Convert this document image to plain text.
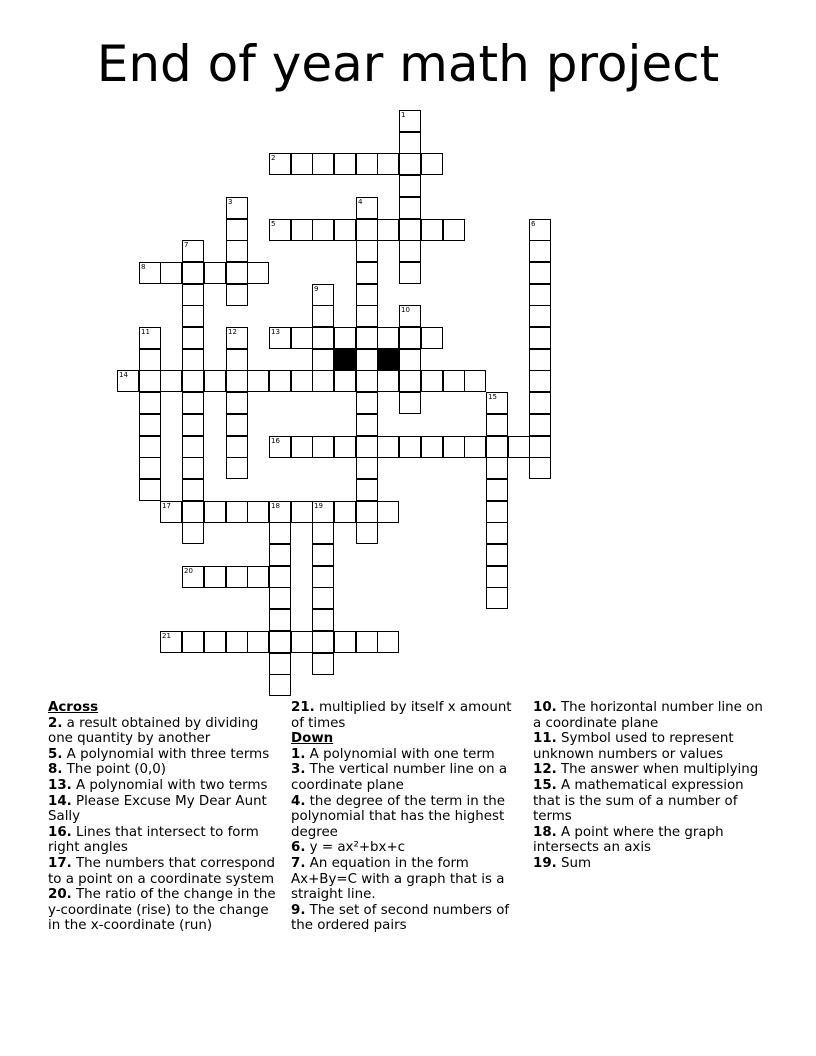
End of year math project
1
2
3	4
5	6
7
8
9
10
11	12	13
14
15
16
17	18	19
20
21
Across
2. a result obtained by dividing one quantity by another
5. A polynomial with three terms
8. The point (0,0)
13. A polynomial with two terms
14. Please Excuse My Dear Aunt Sally
16. Lines that intersect to form right angles
17. The numbers that correspond to a point on a coordinate system
20. The ratio of the change in the y-coordinate (rise) to the change in the x-coordinate (run)
21. multiplied by itself x amount of times
Down
1. A polynomial with one term
3. The vertical number line on a coordinate plane
4. the degree of the term in the polynomial that has the highest degree
6. y = ax²+bx+c
7. An equation in the form Ax+By=C with a graph that is a straight line.
9. The set of second numbers of the ordered pairs
10. The horizontal number line on a coordinate plane
11. Symbol used to represent unknown numbers or values
12. The answer when multiplying
15. A mathematical expression that is the sum of a number of terms
18. A point where the graph intersects an axis
19. Sum
